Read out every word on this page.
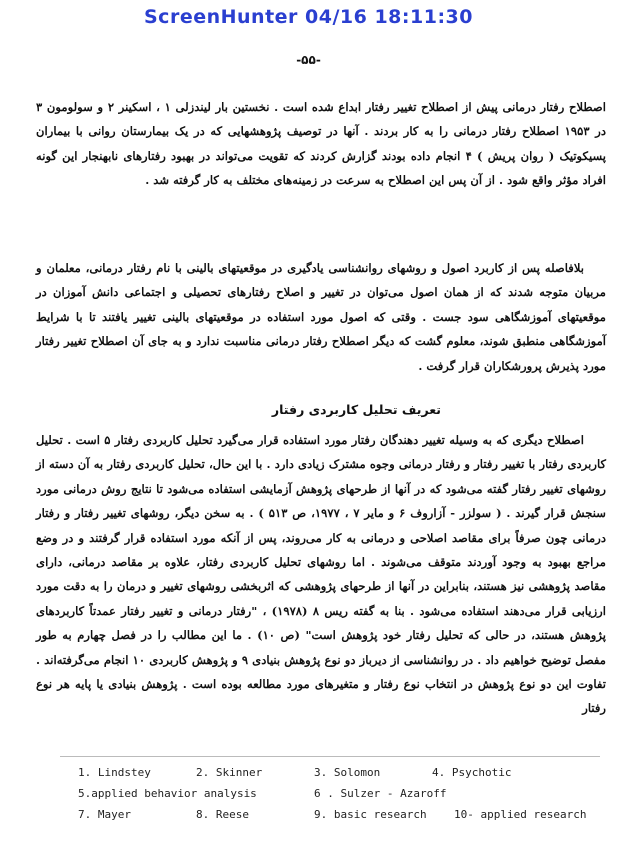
ScreenHunter 04/16 18:11:30
-۵۵-

اصطلاح رفتار درمانی پیش از اصطلاح تغییر رفتار ابداع شده است . نخستین بار لیندزلی ۱ ، اسکینر ۲ و سولومون ۳ در ۱۹۵۳ اصطلاح رفتار درمانی را به کار بردند . آنها در توصیف پژوهشهایی که در یک بیمارستان روانی با بیماران پسیکوتیک ( روان پریش ) ۴ انجام داده بودند گزارش کردند که تقویت می‌تواند در بهبود رفتارهای نابهنجار این گونه افراد مؤثر واقع شود . از آن پس این اصطلاح به سرعت در زمینه‌های مختلف به کار گرفته شد .

بلافاصله پس از کاربرد اصول و روشهای روانشناسی یادگیری در موقعیتهای بالینی با نام رفتار درمانی، معلمان و مربیان متوجه شدند که از همان اصول می‌توان در تغییر و اصلاح رفتارهای تحصیلی و اجتماعی دانش آموزان در موقعیتهای آموزشگاهی سود جست . وقتی که اصول مورد استفاده در موقعیتهای بالینی تغییر یافتند تا با شرایط آموزشگاهی منطبق شوند، معلوم گشت که دیگر اصطلاح رفتار درمانی مناسبت ندارد و به جای آن اصطلاح تغییر رفتار مورد پذیرش پرورشکاران قرار گرفت .

تعریف تحلیل کاربردی رفتار

اصطلاح دیگری که به وسیله تغییر دهندگان رفتار مورد استفاده قرار می‌گیرد تحلیل کاربردی رفتار ۵ است . تحلیل کاربردی رفتار با تغییر رفتار و رفتار درمانی وجوه مشترک زیادی دارد . با این حال، تحلیل کاربردی رفتار به آن دسته از روشهای تغییر رفتار گفته می‌شود که در آنها از طرحهای پژوهش آزمایشی استفاده می‌شود تا نتایج روش درمانی مورد سنجش قرار گیرند . ( سولزر - آزاروف ۶ و مایر ۷ ، ۱۹۷۷، ص ۵۱۳ ) . به سخن دیگر، روشهای تغییر رفتار و رفتار درمانی چون صرفاً برای مقاصد اصلاحی و درمانی به کار می‌روند، پس از آنکه مورد استفاده قرار گرفتند و در وضع مراجع بهبود به وجود آوردند متوقف می‌شوند . اما روشهای تحلیل کاربردی رفتار، علاوه بر مقاصد درمانی، دارای مقاصد پژوهشی نیز هستند، بنابراین در آنها از طرحهای پژوهشی که اثربخشی روشهای تغییر و درمان را به دقت مورد ارزیابی قرار می‌دهند استفاده می‌شود . بنا به گفته ریس ۸ (۱۹۷۸) ، "رفتار درمانی و تغییر رفتار عمدتاً کاربردهای پژوهش هستند، در حالی که تحلیل رفتار خود پژوهش است" (ص ۱۰) . ما این مطالب را در فصل چهارم به طور مفصل توضیح خواهیم داد . در روانشناسی از دیرباز دو نوع پژوهش بنیادی ۹ و پژوهش کاربردی ۱۰ انجام می‌گرفته‌اند . تفاوت این دو نوع پژوهش در انتخاب نوع رفتار و متغیرهای مورد مطالعه بوده است . پژوهش بنیادی یا پایه هر نوع رفتار

1. Lindstey	2. Skinner	3. Solomon	4. Psychotic
5.applied behavior analysis	6 . Sulzer - Azaroff
7. Mayer	8. Reese	9. basic research	10- applied research
